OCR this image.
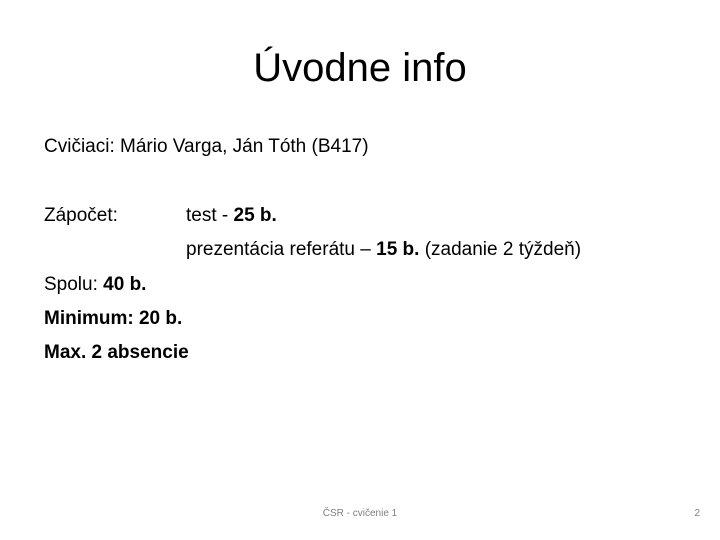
Úvodne info
Cvičiaci: Mário Varga, Ján Tóth (B417)
Zápočet:	test - 25 b.
prezentácia referátu – 15 b. (zadanie 2 týždeň)
Spolu: 40 b.
Minimum: 20 b.
Max. 2 absencie
ČSR - cvičenie 1	2
